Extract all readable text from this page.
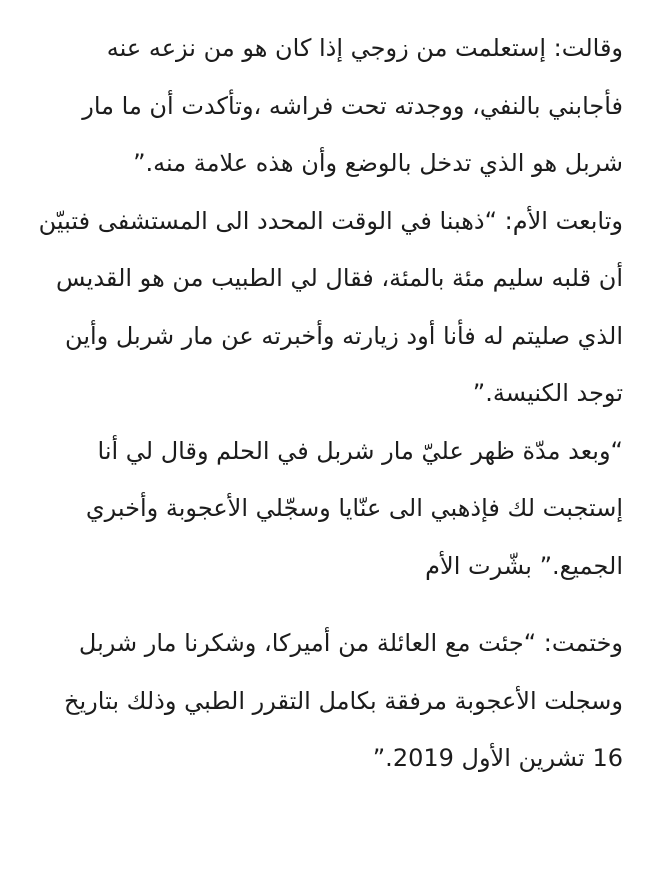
وقالت: إستعلمت من زوجي إذا كان هو من نزعه عنه فأجابني بالنفي، ووجدته تحت فراشه ،وتأكدت أن ما مار شربل هو الذي تدخل بالوضع وأن هذه علامة منه.”

وتابعت الأم: “ذهبنا في الوقت المحدد الى المستشفى فتبيّن أن قلبه سليم مئة بالمئة، فقال لي الطبيب من هو القديس الذي صليتم له فأنا أود زيارته وأخبرته عن مار شربل وأين توجد الكنيسة.”

“وبعد مدّة ظهر عليّ مار شربل في الحلم وقال لي أنا إستجبت لك فإذهبي الى عنّايا وسجّلي الأعجوبة وأخبري الجميع.” بشّرت الأم

وختمت: “جئت مع العائلة من أميركا، وشكرنا مار شربل وسجلت الأعجوبة مرفقة بكامل التقرر الطبي وذلك بتاريخ 16 تشرين الأول 2019.”
